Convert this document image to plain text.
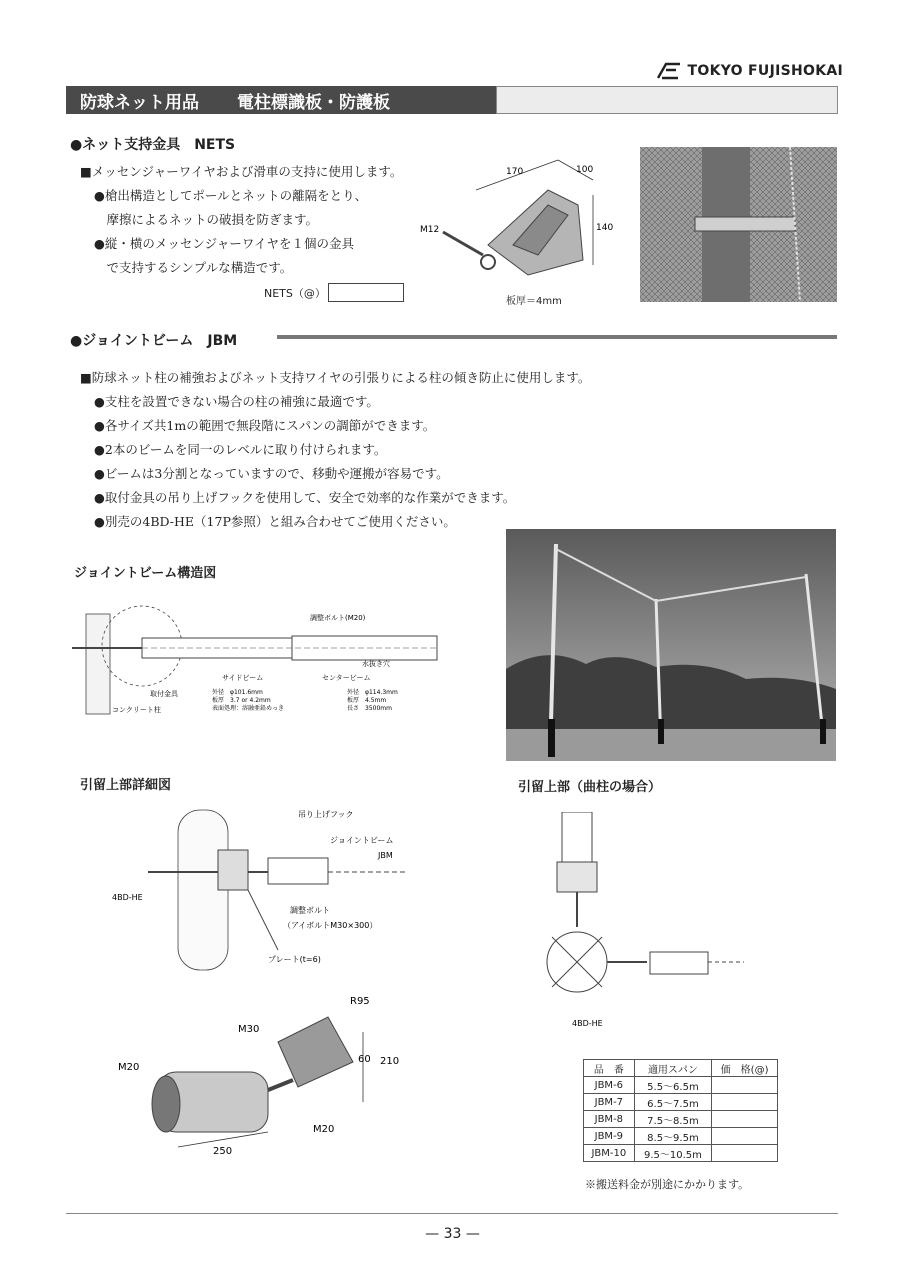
TOKYO FUJISHOKAI
防球ネット用品 電柱標識板・防護板
●ネット支持金具　NETS
■メッセンジャーワイヤおよび滑車の支持に使用します。
●槍出構造としてポールとネットの離隔をとり、
　摩擦によるネットの破損を防ぎます。
●縦・横のメッセンジャーワイヤを１個の金具
　で支持するシンプルな構造です。
NETS（@）
170	100
140
M12
板厚＝4mm
●ジョイントビーム　JBM
■防球ネット柱の補強およびネット支持ワイヤの引張りによる柱の傾き防止に使用します。
●支柱を設置できない場合の柱の補強に最適です。
●各サイズ共1mの範囲で無段階にスパンの調節ができます。
●2本のビームを同一のレベルに取り付けられます。
●ビームは3分割となっていますので、移動や運搬が容易です。
●取付金具の吊り上げフックを使用して、安全で効率的な作業ができます。
●別売の4BD-HE（17P参照）と組み合わせてご使用ください。
ジョイントビーム構造図
調整ボルト(M20)
水抜き穴
サイドビーム	センタービーム
取付金具
コンクリート柱
外径　φ101.6mm
板厚　3.7 or 4.2mm
表面処理：溶融亜鉛めっき
外径　φ114.3mm
板厚　4.5mm
長さ　3500mm
引留上部詳細図
吊り上げフック
ジョイントビーム
JBM
4BD-HE
調整ボルト
（アイボルトM30×300）
プレート(t=6)
引留上部（曲柱の場合）
4BD-HE
R95
M30
M20
M20
60 210
250
品　番	適用スパン	価　格(@)
JBM-6	5.5〜6.5m	
JBM-7	6.5〜7.5m	
JBM-8	7.5〜8.5m	
JBM-9	8.5〜9.5m	
JBM-10	9.5〜10.5m	
※搬送料金が別途にかかります。
— 33 —
